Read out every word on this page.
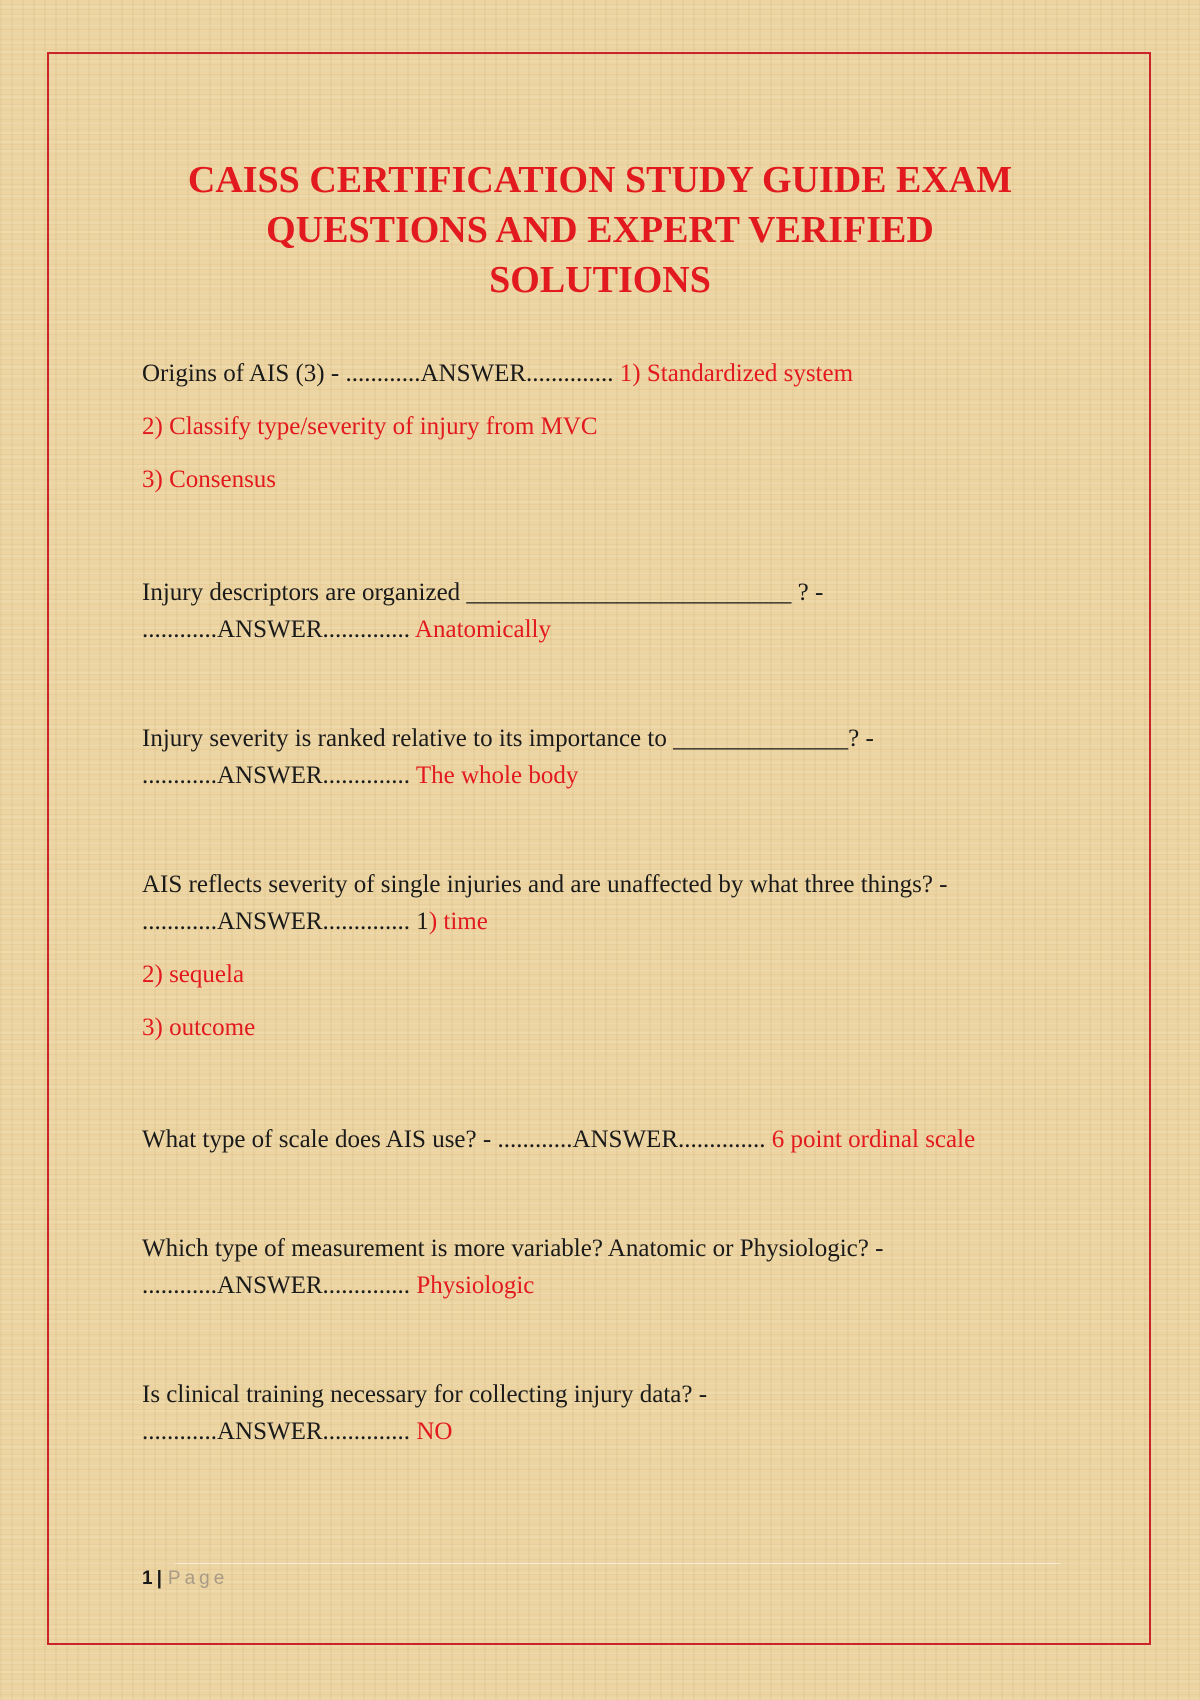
CAISS CERTIFICATION STUDY GUIDE EXAM
QUESTIONS AND EXPERT VERIFIED
SOLUTIONS
Origins of AIS (3) - ............ANSWER.............. 1) Standardized system
2) Classify type/severity of injury from MVC
3) Consensus
Injury descriptors are organized __________________________ ? -
............ANSWER.............. Anatomically
Injury severity is ranked relative to its importance to ______________? -
............ANSWER.............. The whole body
AIS reflects severity of single injuries and are unaffected by what three things? -
............ANSWER.............. 1) time
2) sequela
3) outcome
What type of scale does AIS use? - ............ANSWER.............. 6 point ordinal scale
Which type of measurement is more variable? Anatomic or Physiologic? -
............ANSWER.............. Physiologic
Is clinical training necessary for collecting injury data? -
............ANSWER.............. NO
1 | Page
